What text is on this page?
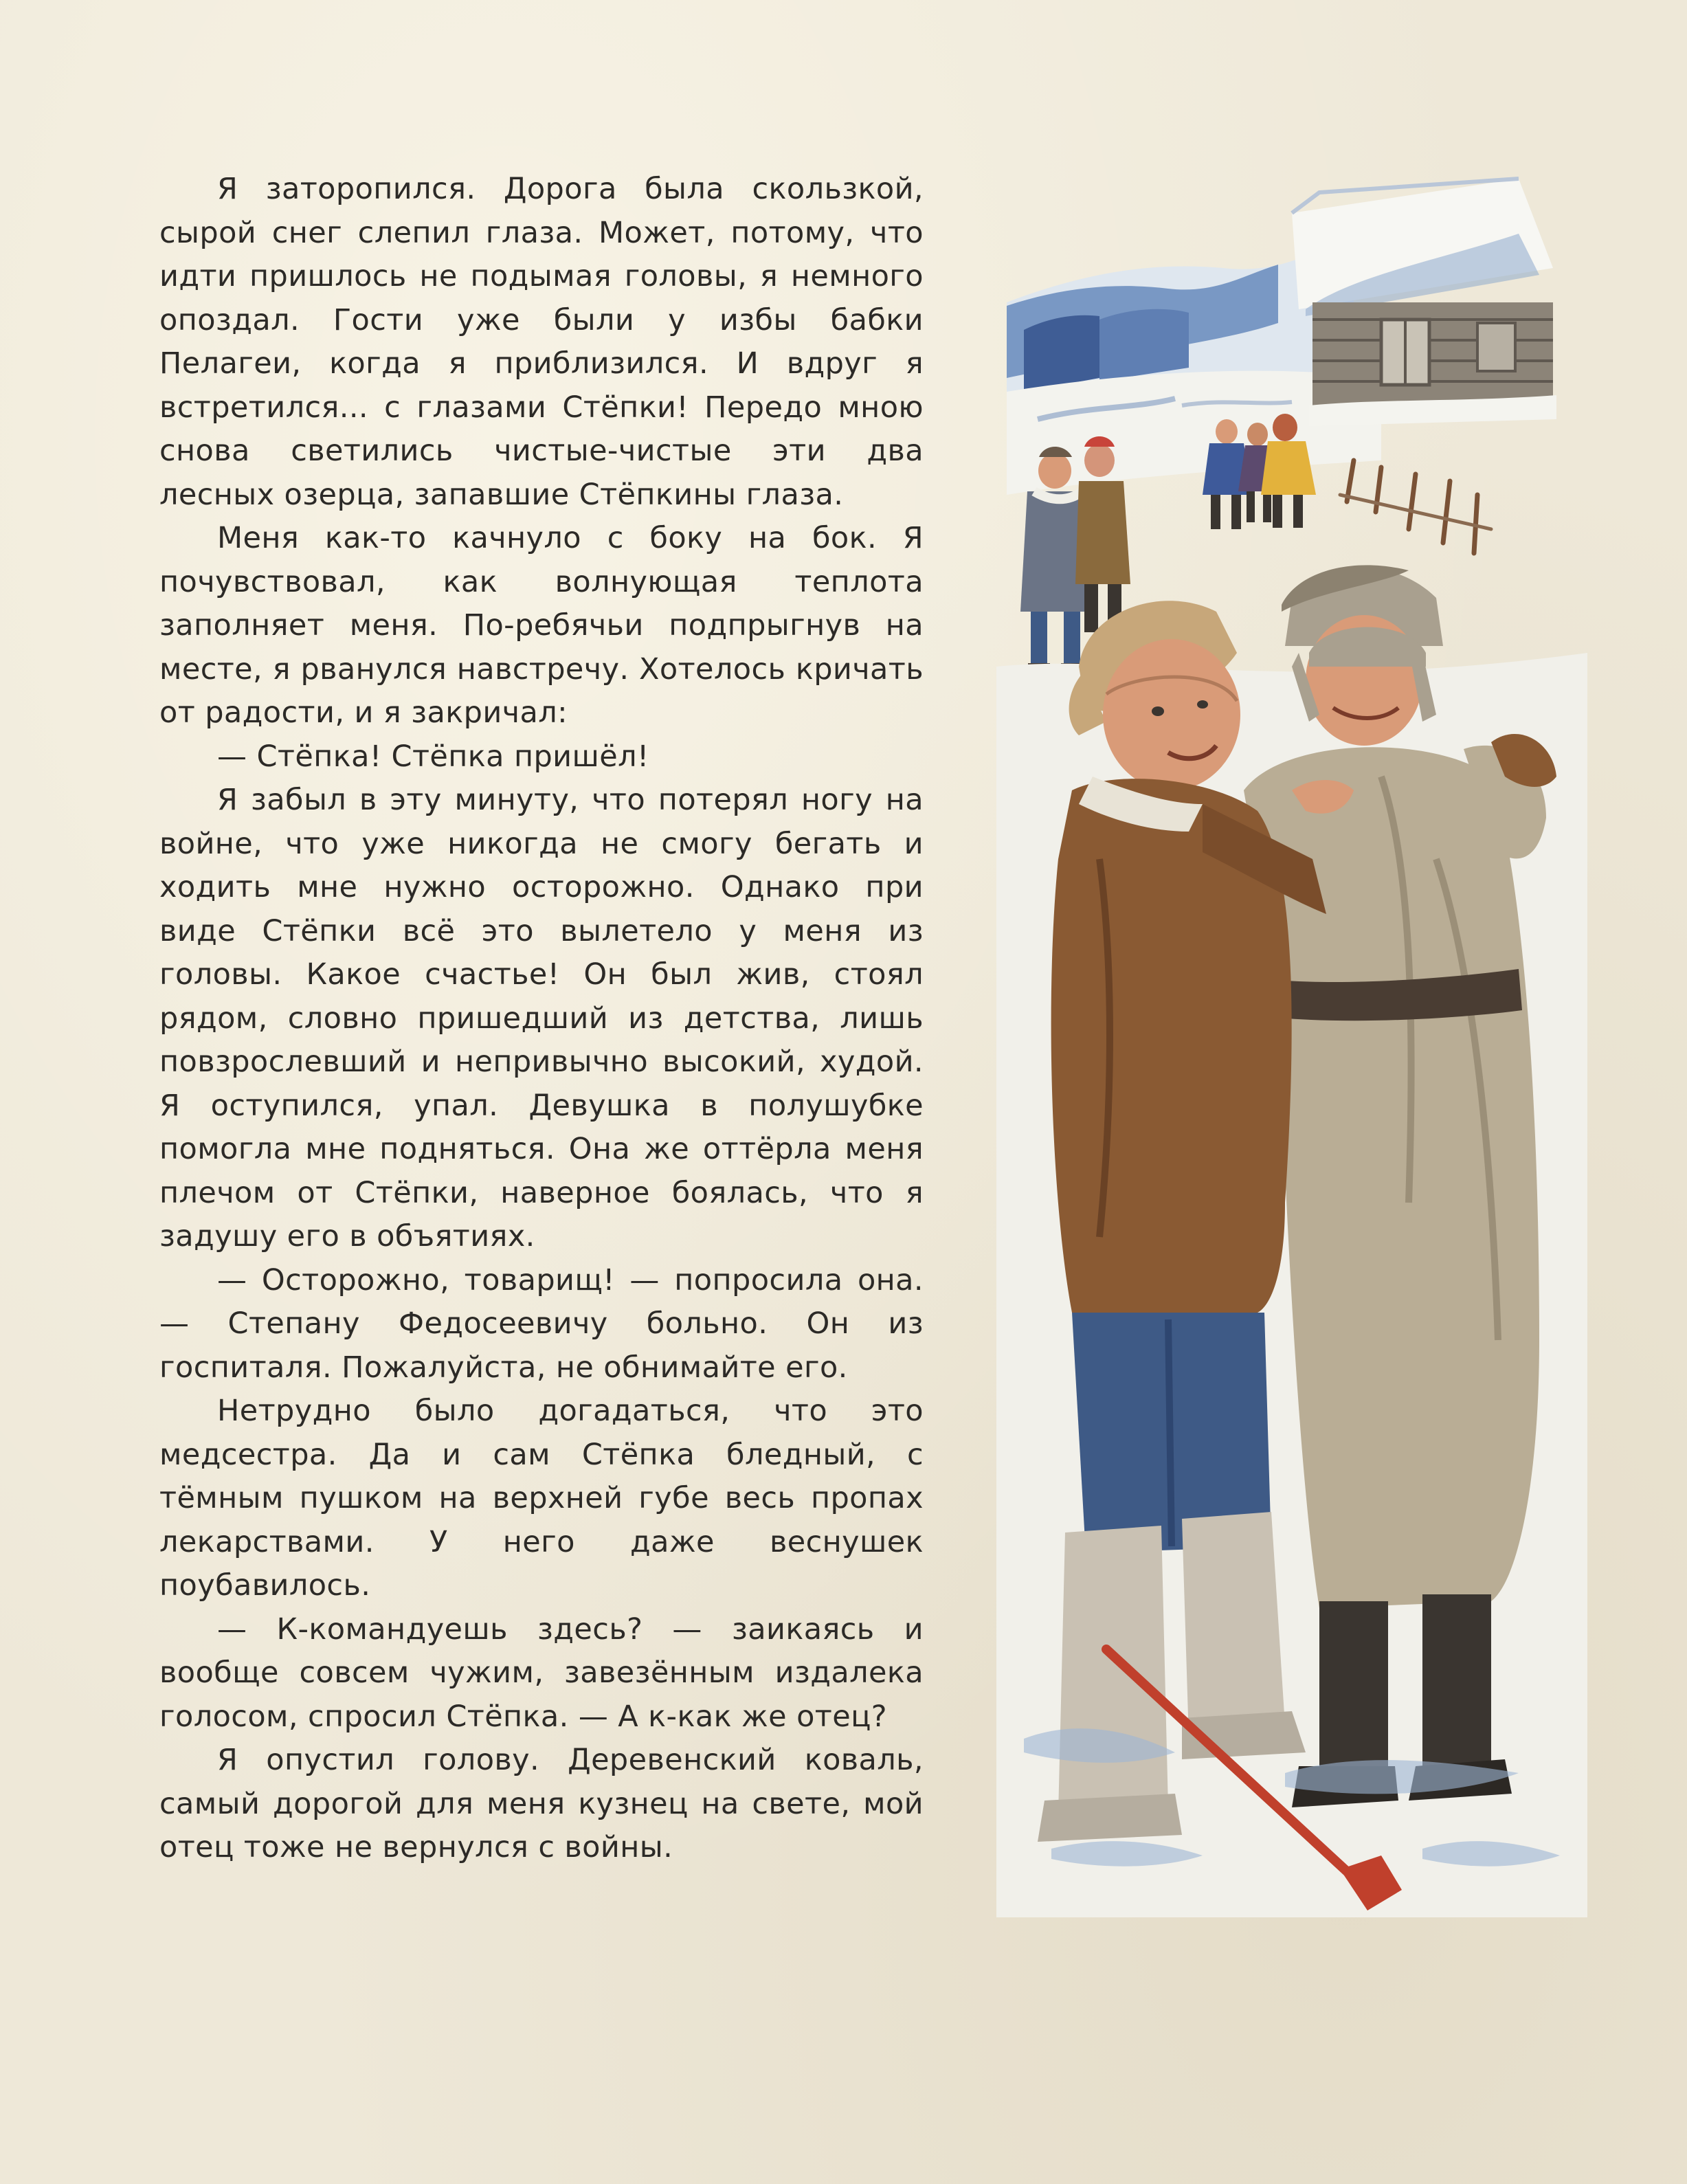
Я заторопился. Дорога была скользкой, сырой снег слепил глаза. Может, потому, что идти пришлось не подымая головы, я немного опоздал. Гости уже были у избы бабки Пелагеи, когда я приблизился. И вдруг я встретился... с глазами Стёпки! Передо мною снова светились чистые-чистые эти два лесных озерца, запавшие Стёпкины глаза.

Меня как-то качнуло с боку на бок. Я почувствовал, как волнующая теплота заполняет меня. По-ребячьи подпрыгнув на месте, я рванулся навстречу. Хотелось кричать от радости, и я закричал:

— Стёпка! Стёпка пришёл!

Я забыл в эту минуту, что потерял ногу на войне, что уже никогда не смогу бегать и ходить мне нужно осторожно. Однако при виде Стёпки всё это вылетело у меня из головы. Какое счастье! Он был жив, стоял рядом, словно пришедший из детства, лишь повзрослевший и непривычно высокий, худой. Я оступился, упал. Девушка в полушубке помогла мне подняться. Она же оттёрла меня плечом от Стёпки, наверное боялась, что я задушу его в объятиях.

— Осторожно, товарищ! — попросила она. — Степану Федосеевичу больно. Он из госпиталя. Пожалуйста, не обнимайте его.

Нетрудно было догадаться, что это медсестра. Да и сам Стёпка бледный, с тёмным пушком на верхней губе весь пропах лекарствами. У него даже веснушек поубавилось.

— К-командуешь здесь? — заикаясь и вообще совсем чужим, завезённым издалека голосом, спросил Стёпка. — А к-как же отец?

Я опустил голову. Деревенский коваль, самый дорогой для меня кузнец на свете, мой отец тоже не вернулся с войны.
